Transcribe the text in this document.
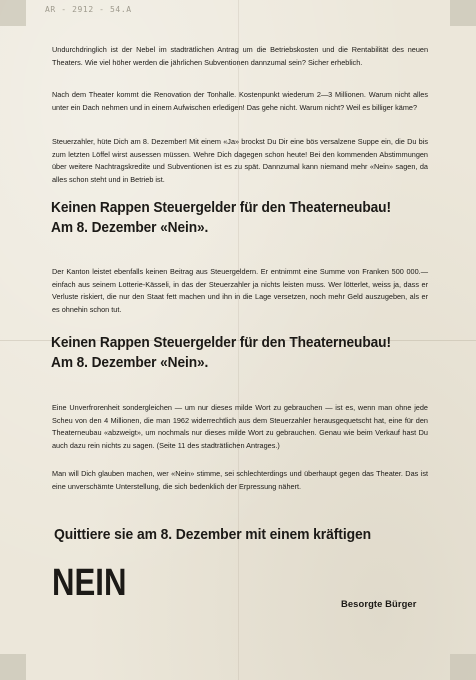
AR - 2912 - 54.A

Undurchdringlich ist der Nebel im stadträtlichen Antrag um die Betriebskosten und die Rentabilität des neuen Theaters. Wie viel höher werden die jährlichen Subventionen dannzumal sein? Sicher erheblich.

Nach dem Theater kommt die Renovation der Tonhalle. Kostenpunkt wiederum 2—3 Millionen. Warum nicht alles unter ein Dach nehmen und in einem Aufwischen erledigen! Das gehe nicht. Warum nicht? Weil es billiger käme?

Steuerzahler, hüte Dich am 8. Dezember! Mit einem «Ja» brockst Du Dir eine bös versalzene Suppe ein, die Du bis zum letzten Löffel wirst ausessen müssen. Wehre Dich dagegen schon heute! Bei den kommenden Abstimmungen über weitere Nachtragskredite und Subventionen ist es zu spät. Dannzumal kann niemand mehr «Nein» sagen, da alles schon steht und in Betrieb ist.

Keinen Rappen Steuergelder für den Theaterneubau!
Am 8. Dezember «Nein».

Der Kanton leistet ebenfalls keinen Beitrag aus Steuergeldern. Er entnimmt eine Summe von Franken 500 000.— einfach aus seinem Lotterie-Kässeli, in das der Steuerzahler ja nichts leisten muss. Wer lötterlet, weiss ja, dass er Verluste riskiert, die nur den Staat fett machen und ihn in die Lage versetzen, noch mehr Geld auszugeben, als er es ohnehin schon tut.

Keinen Rappen Steuergelder für den Theaterneubau!
Am 8. Dezember «Nein».

Eine Unverfrorenheit sondergleichen — um nur dieses milde Wort zu gebrauchen — ist es, wenn man ohne jede Scheu von den 4 Millionen, die man 1962 widerrechtlich aus dem Steuerzahler herausgequetscht hat, eine für den Theaterneubau «abzweigt», um nochmals nur dieses milde Wort zu gebrauchen. Genau wie beim Verkauf hast Du auch dazu rein nichts zu sagen. (Seite 11 des stadträtlichen Antrages.)

Man will Dich glauben machen, wer «Nein» stimme, sei schlechterdings und überhaupt gegen das Theater. Das ist eine unverschämte Unterstellung, die sich bedenklich der Erpressung nähert.

Quittiere sie am 8. Dezember mit einem kräftigen
NEIN	Besorgte Bürger
